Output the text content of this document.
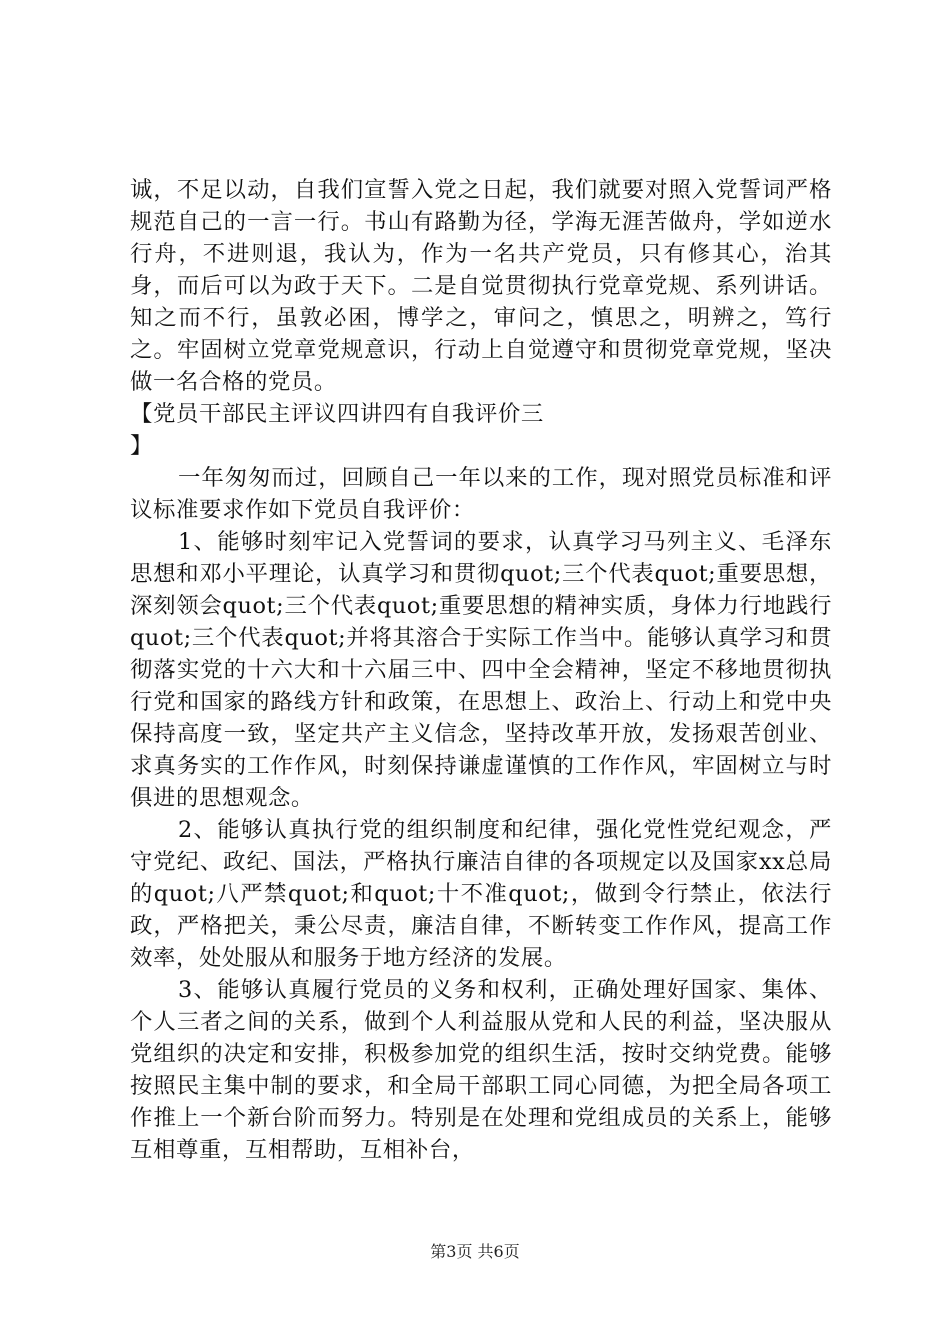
诚，不足以动，自我们宣誓入党之日起，我们就要对照入党誓词严格规范自己的一言一行。书山有路勤为径，学海无涯苦做舟，学如逆水行舟，不进则退，我认为，作为一名共产党员，只有修其心，治其身，而后可以为政于天下。二是自觉贯彻执行党章党规、系列讲话。知之而不行，虽敦必困，博学之，审问之，慎思之，明辨之，笃行之。牢固树立党章党规意识，行动上自觉遵守和贯彻党章党规，坚决做一名合格的党员。

【党员干部民主评议四讲四有自我评价三

】

一年匆匆而过，回顾自己一年以来的工作，现对照党员标准和评议标准要求作如下党员自我评价：

1、能够时刻牢记入党誓词的要求，认真学习马列主义、毛泽东思想和邓小平理论，认真学习和贯彻quot;三个代表quot;重要思想，深刻领会quot;三个代表quot;重要思想的精神实质，身体力行地践行quot;三个代表quot;并将其溶合于实际工作当中。能够认真学习和贯彻落实党的十六大和十六届三中、四中全会精神，坚定不移地贯彻执行党和国家的路线方针和政策，在思想上、政治上、行动上和党中央保持高度一致，坚定共产主义信念，坚持改革开放，发扬艰苦创业、求真务实的工作作风，时刻保持谦虚谨慎的工作作风，牢固树立与时俱进的思想观念。

2、能够认真执行党的组织制度和纪律，强化党性党纪观念，严守党纪、政纪、国法，严格执行廉洁自律的各项规定以及国家xx总局的quot;八严禁quot;和quot;十不准quot;，做到令行禁止，依法行政，严格把关，秉公尽责，廉洁自律，不断转变工作作风，提高工作效率，处处服从和服务于地方经济的发展。

3、能够认真履行党员的义务和权利，正确处理好国家、集体、个人三者之间的关系，做到个人利益服从党和人民的利益，坚决服从党组织的决定和安排，积极参加党的组织生活，按时交纳党费。能够按照民主集中制的要求，和全局干部职工同心同德，为把全局各项工作推上一个新台阶而努力。特别是在处理和党组成员的关系上，能够互相尊重，互相帮助，互相补台，

第3页 共6页
